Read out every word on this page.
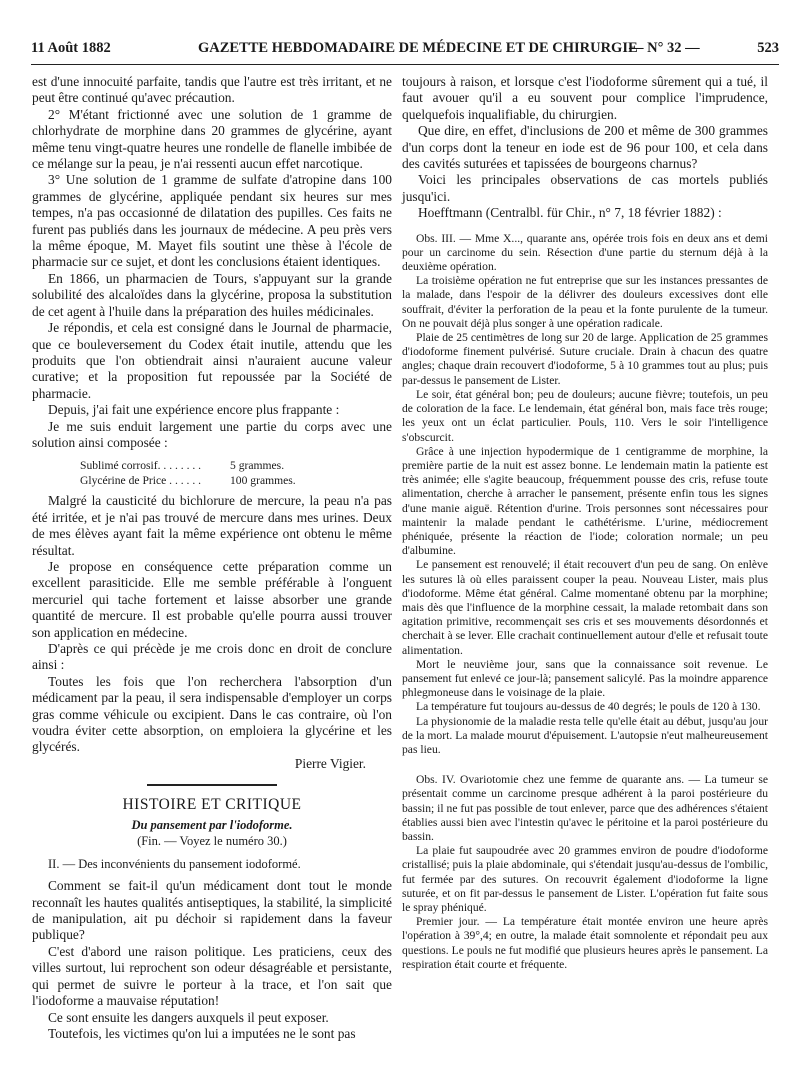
11 Août 1882	GAZETTE HEBDOMADAIRE DE MÉDECINE ET DE CHIRURGIE
— N° 32 —	523

est d'une innocuité parfaite, tandis que l'autre est très irritant, et ne peut être continué qu'avec précaution.

2° M'étant frictionné avec une solution de 1 gramme de chlorhydrate de morphine dans 20 grammes de glycérine, ayant même tenu vingt-quatre heures une rondelle de flanelle imbibée de ce mélange sur la peau, je n'ai ressenti aucun effet narcotique.

3° Une solution de 1 gramme de sulfate d'atropine dans 100 grammes de glycérine, appliquée pendant six heures sur mes tempes, n'a pas occasionné de dilatation des pupilles. Ces faits ne furent pas publiés dans les journaux de médecine. A peu près vers la même époque, M. Mayet fils soutint une thèse à l'école de pharmacie sur ce sujet, et dont les conclusions étaient identiques.

En 1866, un pharmacien de Tours, s'appuyant sur la grande solubilité des alcaloïdes dans la glycérine, proposa la substitution de cet agent à l'huile dans la préparation des huiles médicinales.

Je répondis, et cela est consigné dans le Journal de pharmacie, que ce bouleversement du Codex était inutile, attendu que les produits que l'on obtiendrait ainsi n'auraient aucune valeur curative; et la proposition fut repoussée par la Société de pharmacie.

Depuis, j'ai fait une expérience encore plus frappante :

Je me suis enduit largement une partie du corps avec une solution ainsi composée :

Sublimé corrosif. . . . . . . .	5 grammes.
Glycérine de Price . . . . . .	100 grammes.

Malgré la causticité du bichlorure de mercure, la peau n'a pas été irritée, et je n'ai pas trouvé de mercure dans mes urines. Deux de mes élèves ayant fait la même expérience ont obtenu le même résultat.

Je propose en conséquence cette préparation comme un excellent parasiticide. Elle me semble préférable à l'onguent mercuriel qui tache fortement et laisse absorber une grande quantité de mercure. Il est probable qu'elle pourra aussi trouver son application en médecine.

D'après ce qui précède je me crois donc en droit de conclure ainsi :

Toutes les fois que l'on recherchera l'absorption d'un médicament par la peau, il sera indispensable d'employer un corps gras comme véhicule ou excipient. Dans le cas contraire, où l'on voudra éviter cette absorption, on emploiera la glycérine et les glycérés.

Pierre Vigier.

HISTOIRE ET CRITIQUE
Du pansement par l'iodoforme.
(Fin. — Voyez le numéro 30.)
II. — Des inconvénients du pansement iodoformé.

Comment se fait-il qu'un médicament dont tout le monde reconnaît les hautes qualités antiseptiques, la stabilité, la simplicité de manipulation, ait pu déchoir si rapidement dans la faveur publique?

C'est d'abord une raison politique. Les praticiens, ceux des villes surtout, lui reprochent son odeur désagréable et persistante, qui permet de suivre le porteur à la trace, et l'on sait que l'iodoforme a mauvaise réputation!

Ce sont ensuite les dangers auxquels il peut exposer.

Toutefois, les victimes qu'on lui a imputées ne le sont pas

toujours à raison, et lorsque c'est l'iodoforme sûrement qui a tué, il faut avouer qu'il a eu souvent pour complice l'imprudence, quelquefois inqualifiable, du chirurgien.

Que dire, en effet, d'inclusions de 200 et même de 300 grammes d'un corps dont la teneur en iode est de 96 pour 100, et cela dans des cavités suturées et tapissées de bourgeons charnus?

Voici les principales observations de cas mortels publiés jusqu'ici.

Hoefftmann (Centralbl. für Chir., n° 7, 18 février 1882) :

Obs. III. — Mme X..., quarante ans, opérée trois fois en deux ans et demi pour un carcinome du sein. Résection d'une partie du sternum déjà à la deuxième opération.

La troisième opération ne fut entreprise que sur les instances pressantes de la malade, dans l'espoir de la délivrer des douleurs excessives dont elle souffrait, d'éviter la perforation de la peau et la fonte purulente de la tumeur. On ne pouvait déjà plus songer à une opération radicale.

Plaie de 25 centimètres de long sur 20 de large. Application de 25 grammes d'iodoforme finement pulvérisé. Suture cruciale. Drain à chacun des quatre angles; chaque drain recouvert d'iodoforme, 5 à 10 grammes tout au plus; puis par-dessus le pansement de Lister.

Le soir, état général bon; peu de douleurs; aucune fièvre; toutefois, un peu de coloration de la face. Le lendemain, état général bon, mais face très rouge; les yeux ont un éclat particulier. Pouls, 110. Vers le soir l'intelligence s'obscurcit.

Grâce à une injection hypodermique de 1 centigramme de morphine, la première partie de la nuit est assez bonne. Le lendemain matin la patiente est très animée; elle s'agite beaucoup, fréquemment pousse des cris, refuse toute alimentation, cherche à arracher le pansement, présente enfin tous les signes d'une manie aiguë. Rétention d'urine. Trois personnes sont nécessaires pour maintenir la malade pendant le cathétérisme. L'urine, médiocrement phéniquée, présente la réaction de l'iode; coloration normale; un peu d'albumine.

Le pansement est renouvelé; il était recouvert d'un peu de sang. On enlève les sutures là où elles paraissent couper la peau. Nouveau Lister, mais plus d'iodoforme. Même état général. Calme momentané obtenu par la morphine; mais dès que l'influence de la morphine cessait, la malade retombait dans son agitation primitive, recommençait ses cris et ses mouvements désordonnés et cherchait à se lever. Elle crachait continuellement autour d'elle et refusait toute alimentation.

Mort le neuvième jour, sans que la connaissance soit revenue. Le pansement fut enlevé ce jour-là; pansement salicylé. Pas la moindre apparence phlegmoneuse dans le voisinage de la plaie.

La température fut toujours au-dessus de 40 degrés; le pouls de 120 à 130.

La physionomie de la maladie resta telle qu'elle était au début, jusqu'au jour de la mort. La malade mourut d'épuisement. L'autopsie n'eut malheureusement pas lieu.

Obs. IV. Ovariotomie chez une femme de quarante ans. — La tumeur se présentait comme un carcinome presque adhérent à la paroi postérieure du bassin; il ne fut pas possible de tout enlever, parce que des adhérences s'étaient établies aussi bien avec l'intestin qu'avec le péritoine et la paroi postérieure du bassin.

La plaie fut saupoudrée avec 20 grammes environ de poudre d'iodoforme cristallisé; puis la plaie abdominale, qui s'étendait jusqu'au-dessus de l'ombilic, fut fermée par des sutures. On recouvrit également d'iodoforme la ligne suturée, et on fit par-dessus le pansement de Lister. L'opération fut faite sous le spray phéniqué.

Premier jour. — La température était montée environ une heure après l'opération à 39°,4; en outre, la malade était somnolente et répondait peu aux questions. Le pouls ne fut modifié que plusieurs heures après le pansement. La respiration était courte et fréquente.
